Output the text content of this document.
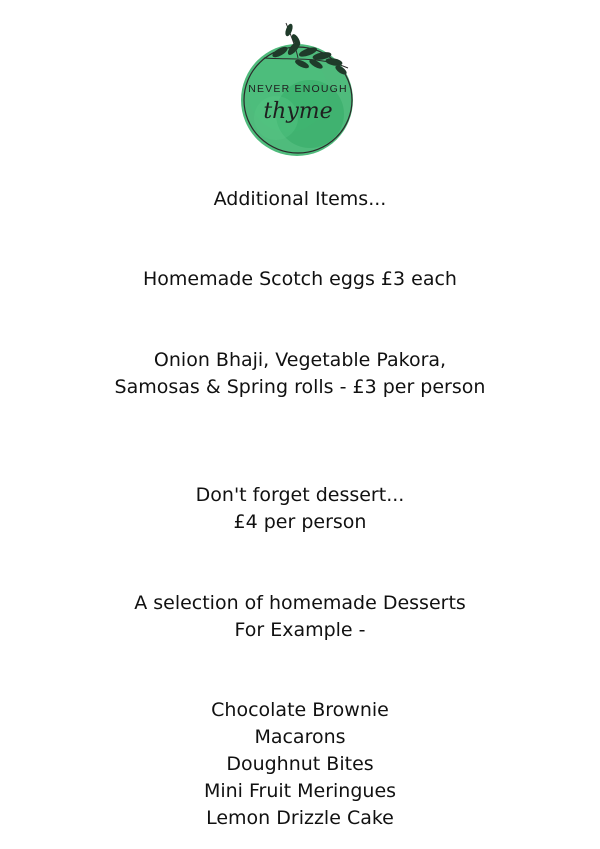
NEVER ENOUGH
thyme
Additional Items...
Homemade Scotch eggs £3 each
Onion Bhaji, Vegetable Pakora,
Samosas & Spring rolls - £3 per person
Don't forget dessert...
£4 per person
A selection of homemade Desserts
For Example -
Chocolate Brownie
Macarons
Doughnut Bites
Mini Fruit Meringues
Lemon Drizzle Cake
